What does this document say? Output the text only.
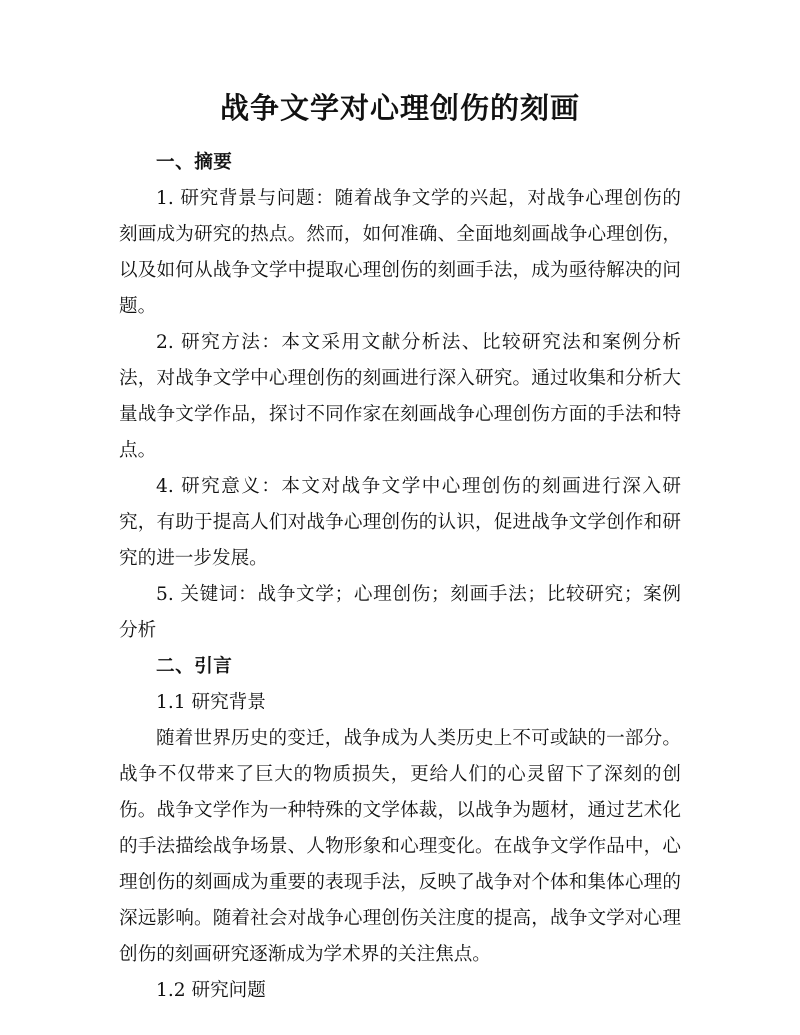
战争文学对心理创伤的刻画

一、摘要

1. 研究背景与问题：随着战争文学的兴起，对战争心理创伤的刻画成为研究的热点。然而，如何准确、全面地刻画战争心理创伤，以及如何从战争文学中提取心理创伤的刻画手法，成为亟待解决的问题。

2. 研究方法：本文采用文献分析法、比较研究法和案例分析法，对战争文学中心理创伤的刻画进行深入研究。通过收集和分析大量战争文学作品，探讨不同作家在刻画战争心理创伤方面的手法和特点。

4. 研究意义：本文对战争文学中心理创伤的刻画进行深入研究，有助于提高人们对战争心理创伤的认识，促进战争文学创作和研究的进一步发展。

5. 关键词：战争文学；心理创伤；刻画手法；比较研究；案例分析

二、引言

1.1 研究背景

随着世界历史的变迁，战争成为人类历史上不可或缺的一部分。战争不仅带来了巨大的物质损失，更给人们的心灵留下了深刻的创伤。战争文学作为一种特殊的文学体裁，以战争为题材，通过艺术化的手法描绘战争场景、人物形象和心理变化。在战争文学作品中，心理创伤的刻画成为重要的表现手法，反映了战争对个体和集体心理的深远影响。随着社会对战争心理创伤关注度的提高，战争文学对心理创伤的刻画研究逐渐成为学术界的关注焦点。

1.2 研究问题
